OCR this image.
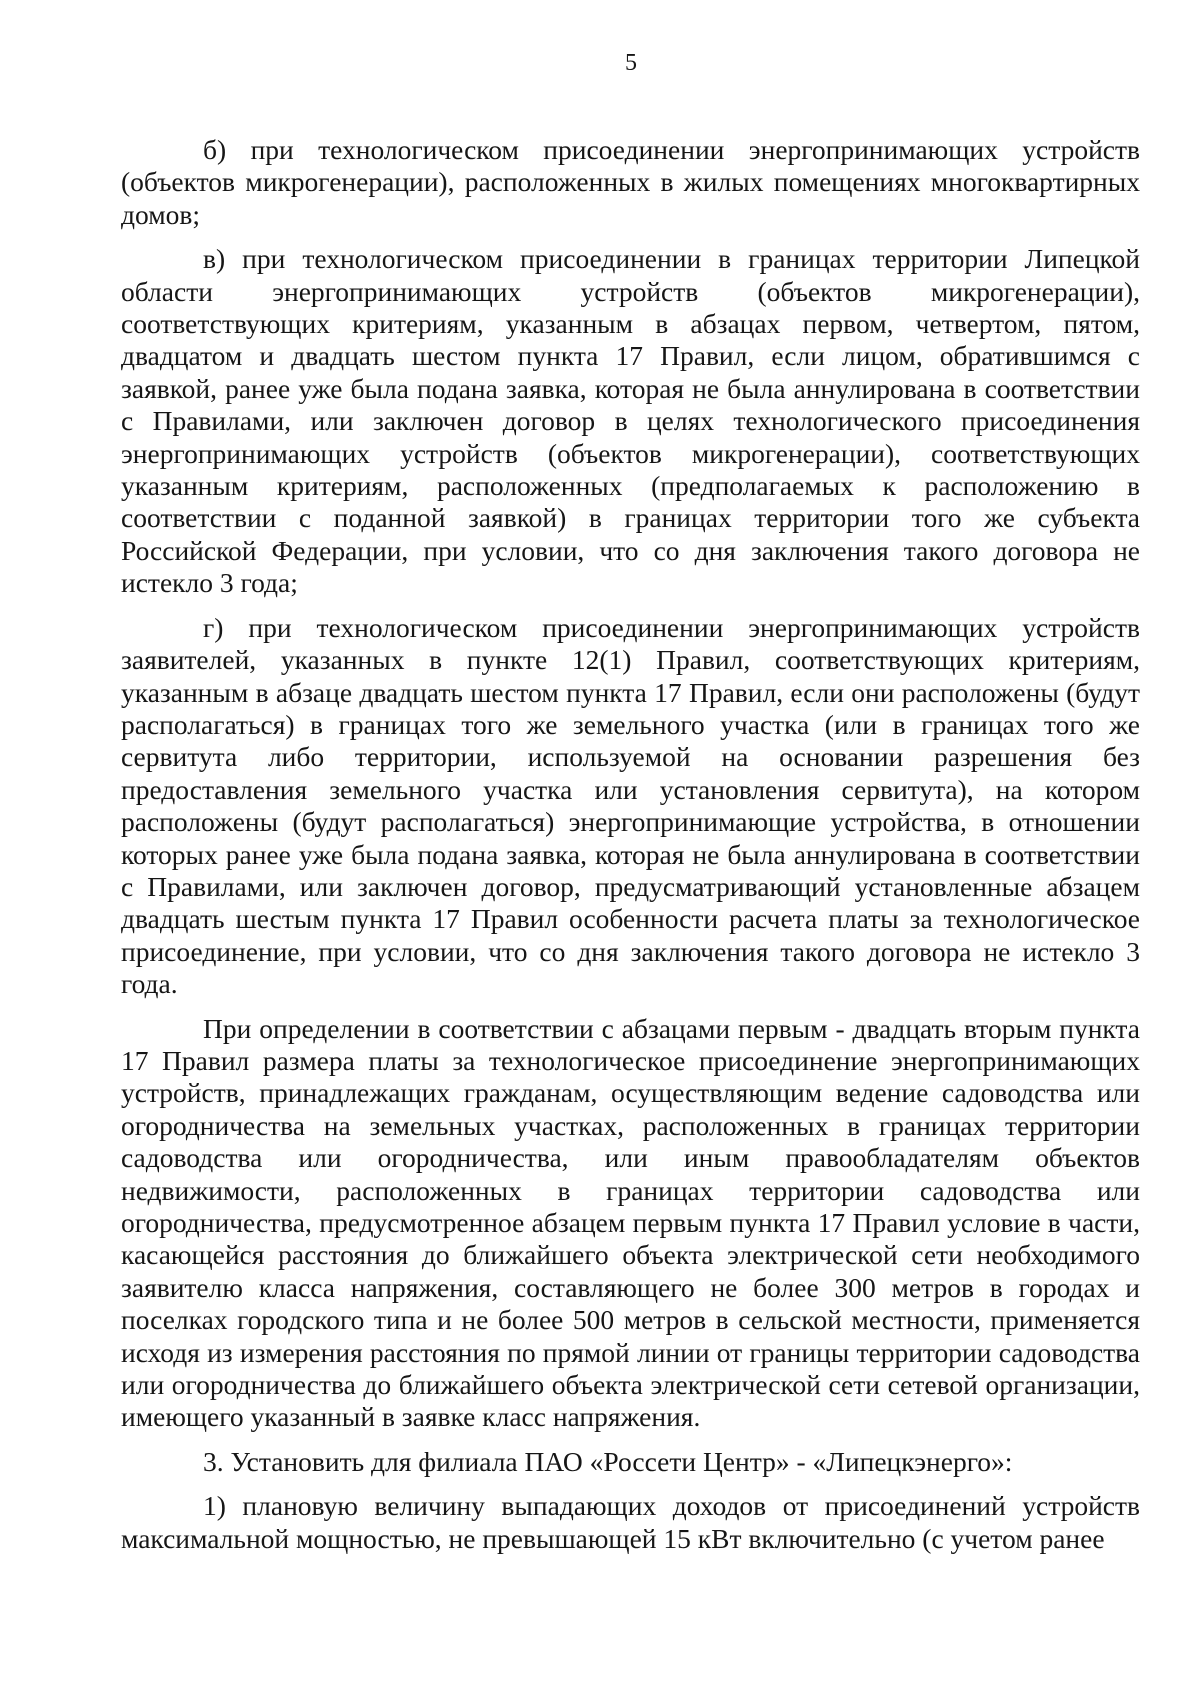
5

б) при технологическом присоединении энергопринимающих устройств (объектов микрогенерации), расположенных в жилых помещениях многоквартирных домов;

в) при технологическом присоединении в границах территории Липецкой области энергопринимающих устройств (объектов микрогенерации), соответствующих критериям, указанным в абзацах первом, четвертом, пятом, двадцатом и двадцать шестом пункта 17 Правил, если лицом, обратившимся с заявкой, ранее уже была подана заявка, которая не была аннулирована в соответствии с Правилами, или заключен договор в целях технологического присоединения энергопринимающих устройств (объектов микрогенерации), соответствующих указанным критериям, расположенных (предполагаемых к расположению в соответствии с поданной заявкой) в границах территории того же субъекта Российской Федерации, при условии, что со дня заключения такого договора не истекло 3 года;

г) при технологическом присоединении энергопринимающих устройств заявителей, указанных в пункте 12(1) Правил, соответствующих критериям, указанным в абзаце двадцать шестом пункта 17 Правил, если они расположены (будут располагаться) в границах того же земельного участка (или в границах того же сервитута либо территории, используемой на основании разрешения без предоставления земельного участка или установления сервитута), на котором расположены (будут располагаться) энергопринимающие устройства, в отношении которых ранее уже была подана заявка, которая не была аннулирована в соответствии с Правилами, или заключен договор, предусматривающий установленные абзацем двадцать шестым пункта 17 Правил особенности расчета платы за технологическое присоединение, при условии, что со дня заключения такого договора не истекло 3 года.

При определении в соответствии с абзацами первым - двадцать вторым пункта 17 Правил размера платы за технологическое присоединение энергопринимающих устройств, принадлежащих гражданам, осуществляющим ведение садоводства или огородничества на земельных участках, расположенных в границах территории садоводства или огородничества, или иным правообладателям объектов недвижимости, расположенных в границах территории садоводства или огородничества, предусмотренное абзацем первым пункта 17 Правил условие в части, касающейся расстояния до ближайшего объекта электрической сети необходимого заявителю класса напряжения, составляющего не более 300 метров в городах и поселках городского типа и не более 500 метров в сельской местности, применяется исходя из измерения расстояния по прямой линии от границы территории садоводства или огородничества до ближайшего объекта электрической сети сетевой организации, имеющего указанный в заявке класс напряжения.

3. Установить для филиала ПАО «Россети Центр» - «Липецкэнерго»:

1) плановую величину выпадающих доходов от присоединений устройств максимальной мощностью, не превышающей 15 кВт включительно (с учетом ранее
